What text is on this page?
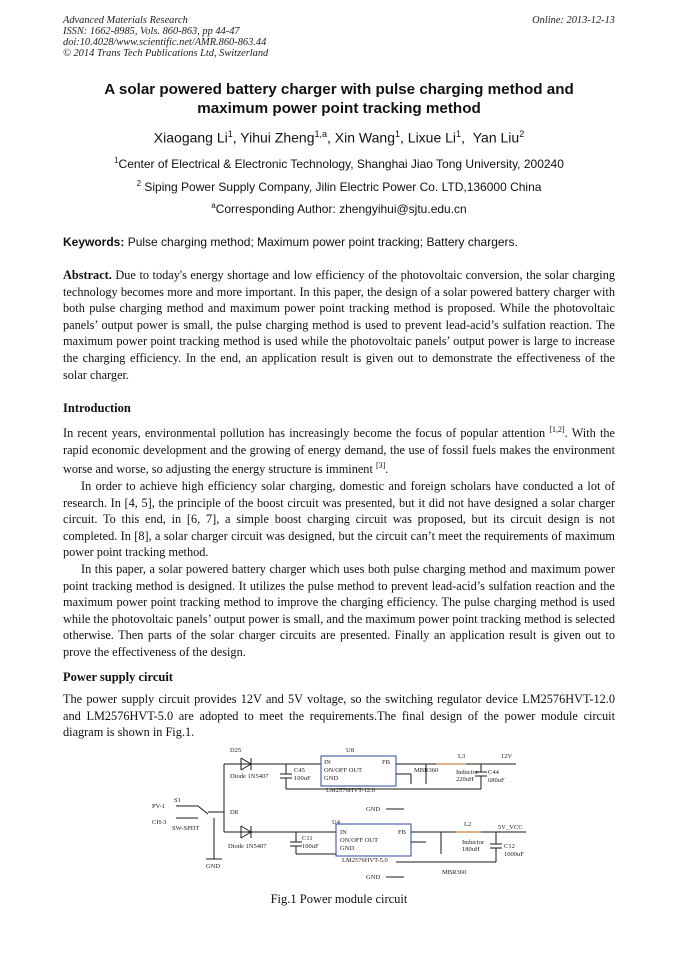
Advanced Materials Research
ISSN: 1662-8985, Vols. 860-863, pp 44-47
doi:10.4028/www.scientific.net/AMR.860-863.44
© 2014 Trans Tech Publications Ltd, Switzerland
Online: 2013-12-13
A solar powered battery charger with pulse charging method and
maximum power point tracking method
Xiaogang Li$^1$, Yihui Zheng$^{1,a}$, Xin Wang$^1$, Lixue Li$^1$,  Yan Liu$^2$
$^1$Center of Electrical & Electronic Technology, Shanghai Jiao Tong University, 200240
$^2$ Siping Power Supply Company, Jilin Electric Power Co. LTD,136000 China
$^a$Corresponding Author: zhengyihui@sjtu.edu.cn
Keywords: Pulse charging method; Maximum power point tracking; Battery chargers.

Abstract. Due to today's energy shortage and low efficiency of the photovoltaic conversion, the solar charging technology becomes more and more important. In this paper, the design of a solar powered battery charger with both pulse charging method and maximum power point tracking method is proposed. While the photovoltaic panels’ output power is small, the pulse charging method is used to prevent lead-acid’s sulfation reaction. The maximum power point tracking method is used while the photovoltaic panels’ output power is large to increase the charging efficiency. In the end, an application result is given out to demonstrate the effectiveness of the solar charger.

Introduction

In recent years, environmental pollution has increasingly become the focus of popular attention [1,2]. With the rapid economic development and the growing of energy demand, the use of fossil fuels makes the environment worse and worse, so adjusting the energy structure is imminent [3].

In order to achieve high efficiency solar charging, domestic and foreign scholars have conducted a lot of research. In [4, 5], the principle of the boost circuit was presented, but it did not have designed a solar charger circuit. To this end, in [6, 7], a simple boost charging circuit was proposed, but its circuit design is not completed. In [8], a solar charger circuit was designed, but the circuit can’t meet the requirements of maximum power point tracking method.

In this paper, a solar powered battery charger which uses both pulse charging method and maximum power point tracking method is designed. It utilizes the pulse method to prevent lead-acid’s sulfation reaction and the maximum power point tracking method to improve the charging efficiency. The pulse charging method is used while the photovoltaic panels’ output power is small, and the maximum power point tracking method is selected otherwise. Then parts of the solar charger circuits are presented. Finally an application result is given out to prove the effectiveness of the design.

Power supply circuit

The power supply circuit provides 12V and 5V voltage, so the switching regulator device LM2576HVT-12.0 and LM2576HVT-5.0 are adopted to meet the requirements.The final design of the power module circuit diagram is shown in Fig.1.

D25
Diode 1N5407
C45
100uF
U8
IN	FB
ON/OFF OUT
GND
LM2576HVT-12.0
L3
Inductor
220uH
MBR360	C44
680uF
12V
PV-1
S1
CH-3
SW-SPDT
D8
Diode 1N5407
C11
100uF
U4
IN	FB
ON/OFF OUT
GND
LM2576HVT-5.0
L2
Inductor
180uH
MBR360
C12
1000uF
5V_VCC
GND
GND
GND
Fig.1 Power module circuit
